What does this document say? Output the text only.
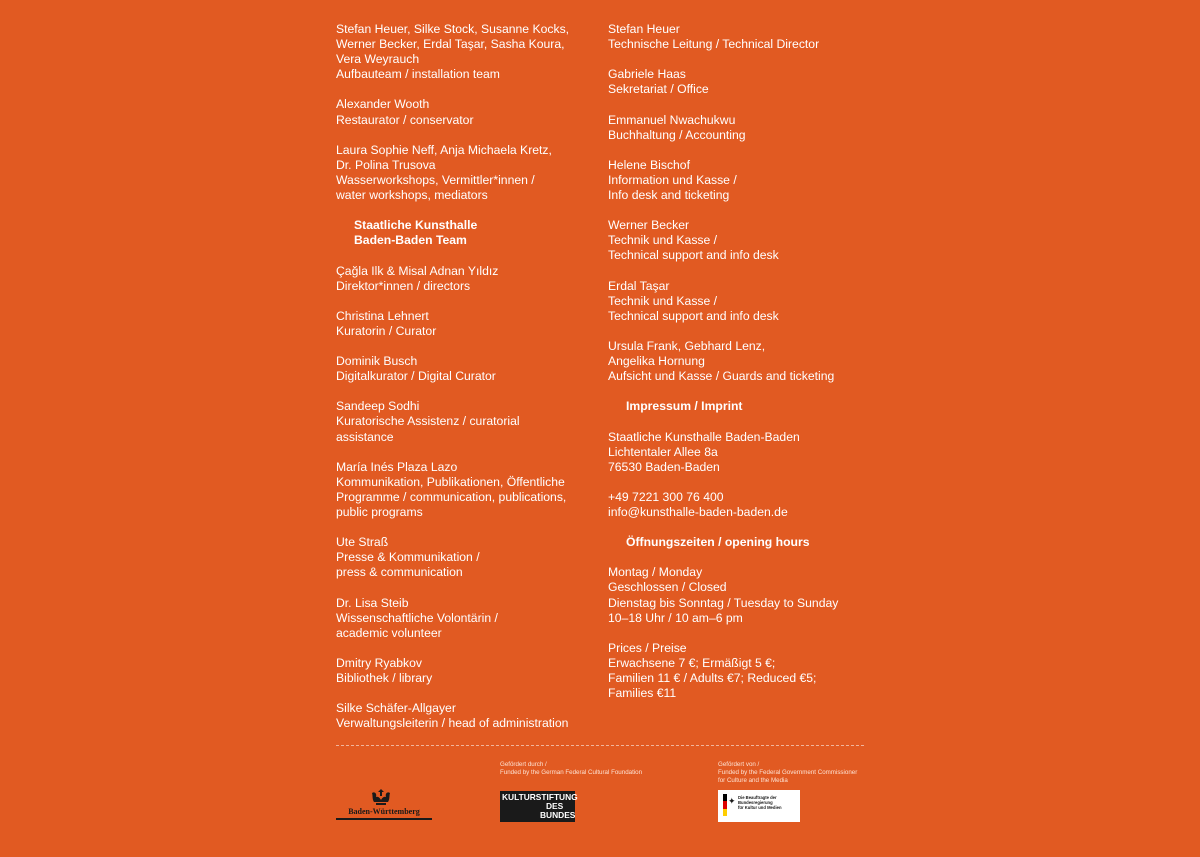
Stefan Heuer, Silke Stock, Susanne Kocks,
Werner Becker, Erdal Taşar, Sasha Koura,
Vera Weyrauch
Aufbauteam / installation team
Alexander Wooth
Restaurator / conservator
Laura Sophie Neff, Anja Michaela Kretz,
Dr. Polina Trusova
Wasserworkshops, Vermittler*innen /
water workshops, mediators
Staatliche Kunsthalle
Baden-Baden Team
Çağla Ilk & Misal Adnan Yıldız
Direktor*innen / directors
Christina Lehnert
Kuratorin / Curator
Dominik Busch
Digitalkurator / Digital Curator
Sandeep Sodhi
Kuratorische Assistenz / curatorial
assistance
María Inés Plaza Lazo
Kommunikation, Publikationen, Öffentliche
Programme / communication, publications,
public programs
Ute Straß
Presse & Kommunikation /
press & communication
Dr. Lisa Steib
Wissenschaftliche Volontärin /
academic volunteer
Dmitry Ryabkov
Bibliothek / library
Silke Schäfer-Allgayer
Verwaltungsleiterin / head of administration
Stefan Heuer
Technische Leitung / Technical Director
Gabriele Haas
Sekretariat / Office
Emmanuel Nwachukwu
Buchhaltung / Accounting
Helene Bischof
Information und Kasse /
Info desk and ticketing
Werner Becker
Technik und Kasse /
Technical support and info desk
Erdal Taşar
Technik und Kasse /
Technical support and info desk
Ursula Frank, Gebhard Lenz,
Angelika Hornung
Aufsicht und Kasse / Guards and ticketing
Impressum / Imprint
Staatliche Kunsthalle Baden-Baden
Lichtentaler Allee 8a
76530 Baden-Baden
+49 7221 300 76 400
info@kunsthalle-baden-baden.de
Öffnungszeiten / opening hours
Montag / Monday
Geschlossen / Closed
Dienstag bis Sonntag / Tuesday to Sunday
10–18 Uhr / 10 am–6 pm
Prices / Preise
Erwachsene 7 €; Ermäßigt 5 €;
Familien 11 € / Adults €7; Reduced €5;
Families €11
Gefördert durch /
Funded by the German Federal Cultural Foundation
Gefördert von /
Funded by the Federal Government Commissioner
for Culture and the Media
Baden-Württemberg
KULTURSTIFTUNG
DES
BUNDES
✦ Die Beauftragte der Bundesregierung
für Kultur und Medien
